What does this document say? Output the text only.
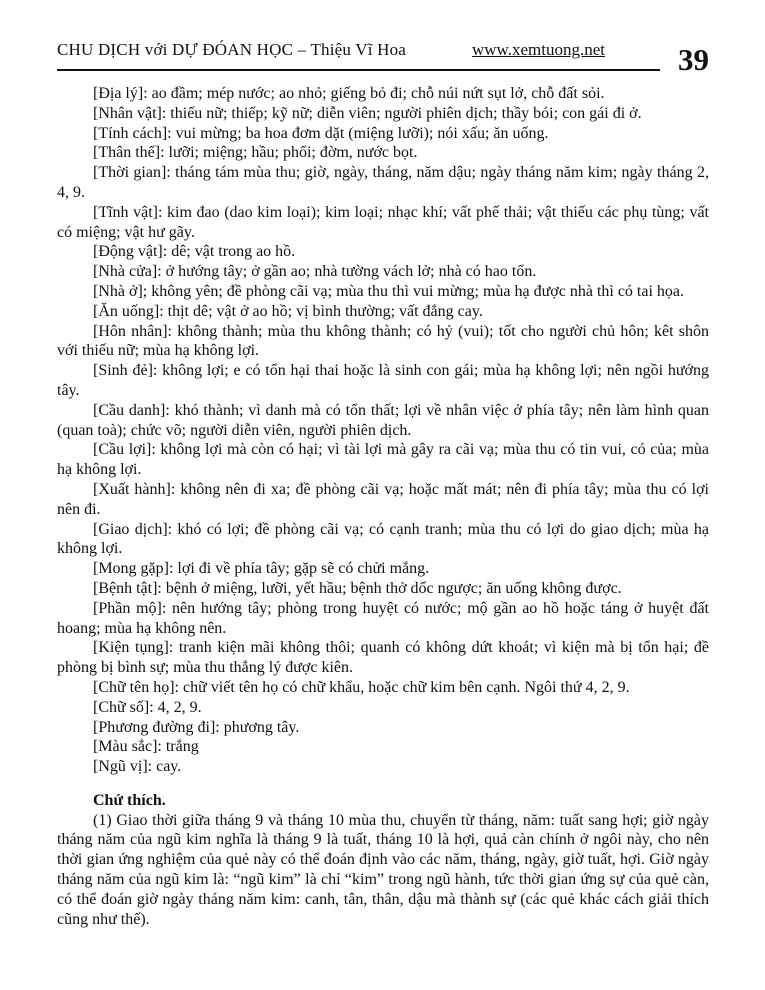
CHU DỊCH với DỰ ĐÓAN HỌC – Thiệu Vĩ Hoa	www.xemtuong.net 39

[Địa lý]: ao đầm; mép nước; ao nhỏ; giếng bỏ đi; chỗ núi nứt sụt lở, chỗ đất sỏi.

[Nhân vật]: thiếu nữ; thiếp; kỹ nữ; diễn viên; người phiên dịch; thầy bói; con gái đi ở.

[Tính cách]: vui mừng; ba hoa đơm dặt (miệng lưỡi); nói xấu; ăn uống.

[Thân thể]: lưỡi; miệng; hầu; phổi; đờm, nước bọt.

[Thời gian]: tháng tám mùa thu; giờ, ngày, tháng, năm dậu; ngày tháng năm kim; ngày tháng 2, 4, 9.

[Tĩnh vật]: kim đao (dao kim loại); kim loại; nhạc khí; vất phế thải; vật thiếu các phụ tùng; vất có miệng; vật hư gãy.

[Động vật]: dê; vật trong ao hồ.

[Nhà cửa]: ở hướng tây; ở gần ao; nhà tường vách lở; nhà có hao tổn.

[Nhà ở]; không yên; đề phòng cãi vạ; mùa thu thì vui mừng; mùa hạ được nhà thì có tai họa.

[Ăn uống]: thịt dê; vật ở ao hồ; vị bình thường; vất đắng cay.

[Hôn nhân]: không thành; mùa thu không thành; có hỷ (vui); tốt cho người chủ hôn; kêt shôn với thiếu nữ; mùa hạ không lợi.

[Sinh đẻ]: không lợi; e có tổn hại thai hoặc là sinh con gái; mùa hạ không lợi; nên ngồi hướng tây.

[Cầu danh]: khó thành; vì danh mà có tổn thất; lợi về nhân việc ở phía tây; nên làm hình quan (quan toà); chức võ; người diễn viên, người phiên dịch.

[Cầu lợi]: không lợi mà còn có hại; vì tài lợi mà gây ra cãi vạ; mùa thu có tin vui, có của; mùa hạ không lợi.

[Xuất hành]: không nên đi xa; đề phòng cãi vạ; hoặc mất mát; nên đi phía tây; mùa thu có lợi nên đi.

[Giao dịch]: khó có lợi; đề phòng cãi vạ; có cạnh tranh; mùa thu có lợi do giao dịch; mùa hạ không lợi.

[Mong gặp]: lợi đi về phía tây; gặp sẽ có chửi mắng.

[Bệnh tật]: bệnh ở miệng, lưỡi, yết hầu; bệnh thở dốc ngược; ăn uống không được.

[Phần mộ]: nên hướng tây; phòng trong huyệt có nước; mộ gần ao hồ hoặc táng ở huyệt đất hoang; mùa hạ không nên.

[Kiện tụng]: tranh kiện mãi không thôi; quanh có không dứt khoát; vì kiện mà bị tổn hại; đề phòng bị bình sự; mùa thu thắng lý được kiên.

[Chữ tên họ]: chữ viết tên họ có chữ khẩu, hoặc chữ kim bên cạnh. Ngôi thứ 4, 2, 9.

[Chữ số]: 4, 2, 9.

[Phương đường đi]: phương tây.

[Màu sắc]: trắng

[Ngũ vị]: cay.

Chứ thích.

(1) Giao thời giữa tháng 9 và tháng 10 mùa thu, chuyển từ tháng, năm: tuất sang hợi; giờ ngày tháng năm của ngũ kim nghĩa là tháng 9 là tuất, tháng 10 là hợi, quả càn chính ở ngôi này, cho nên thời gian ứng nghiệm của quẻ này có thể đoán định vào các năm, tháng, ngày, giờ tuất, hợi. Giờ ngày tháng năm của ngũ kim là: “ngũ kim” là chỉ “kim” trong ngũ hành, tức thời gian ứng sự của quẻ càn, có thể đoán giờ ngày tháng năm kim: canh, tân, thân, dậu mà thành sự (các quẻ khác cách giải thích cũng như thế).
